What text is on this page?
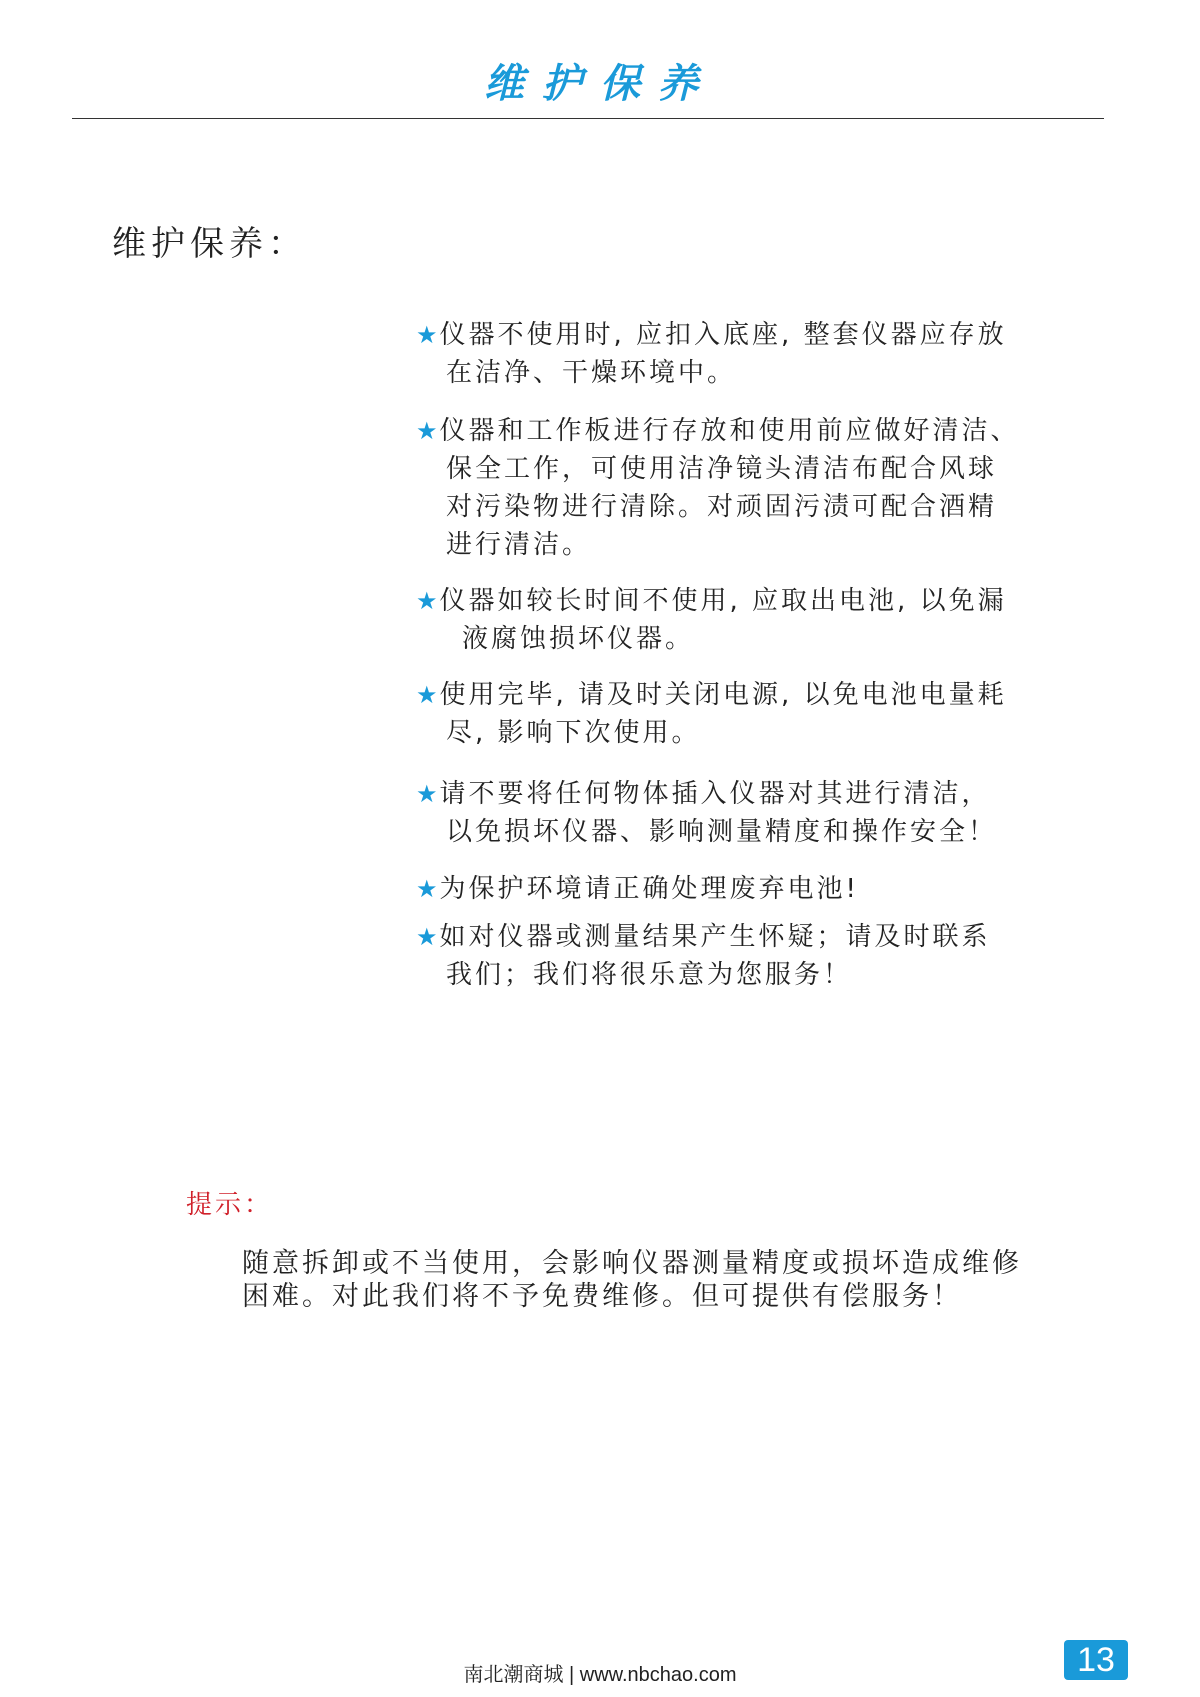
维护保养
维护保养：
★仪器不使用时, 应扣入底座, 整套仪器应存放
在洁净、干燥环境中。
★仪器和工作板进行存放和使用前应做好清洁、
保全工作，可使用洁净镜头清洁布配合风球
对污染物进行清除。对顽固污渍可配合酒精
进行清洁。
★仪器如较长时间不使用, 应取出电池, 以免漏
液腐蚀损坏仪器。
★使用完毕, 请及时关闭电源, 以免电池电量耗
尽, 影响下次使用。
★请不要将任何物体插入仪器对其进行清洁，
以免损坏仪器、影响测量精度和操作安全！
★为保护环境请正确处理废弃电池!
★如对仪器或测量结果产生怀疑；请及时联系
我们；我们将很乐意为您服务！
提示：
随意拆卸或不当使用，会影响仪器测量精度或损坏造成维修
困难。对此我们将不予免费维修。但可提供有偿服务！
南北潮商城 | www.nbchao.com	13
